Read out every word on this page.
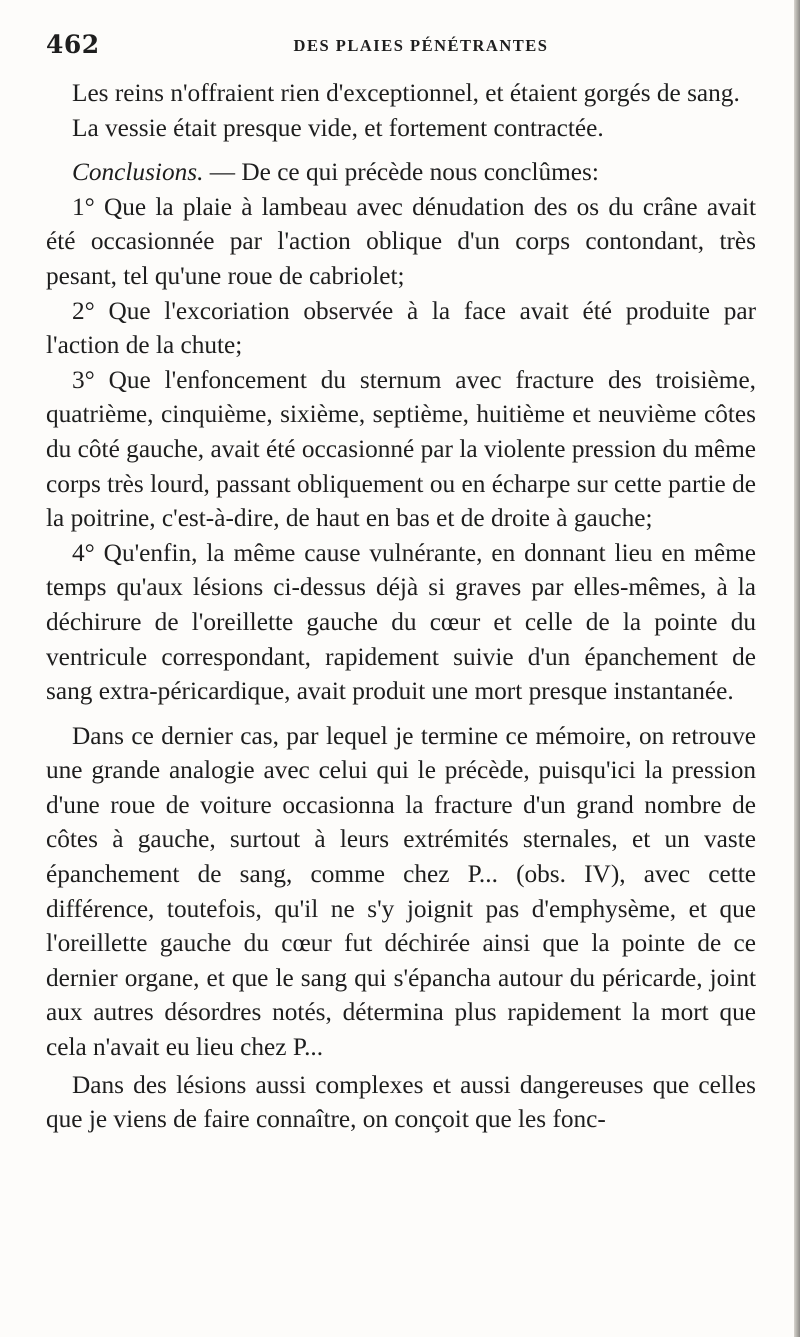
462	DES PLAIES PÉNÉTRANTES

Les reins n'offraient rien d'exceptionnel, et étaient gorgés de sang.

La vessie était presque vide, et fortement contractée.

Conclusions. — De ce qui précède nous conclûmes:

1° Que la plaie à lambeau avec dénudation des os du crâne avait été occasionnée par l'action oblique d'un corps contondant, très pesant, tel qu'une roue de cabriolet;

2° Que l'excoriation observée à la face avait été produite par l'action de la chute;

3° Que l'enfoncement du sternum avec fracture des troisième, quatrième, cinquième, sixième, septième, huitième et neuvième côtes du côté gauche, avait été occasionné par la violente pression du même corps très lourd, passant obliquement ou en écharpe sur cette partie de la poitrine, c'est-à-dire, de haut en bas et de droite à gauche;

4° Qu'enfin, la même cause vulnérante, en donnant lieu en même temps qu'aux lésions ci-dessus déjà si graves par elles-mêmes, à la déchirure de l'oreillette gauche du cœur et celle de la pointe du ventricule correspondant, rapidement suivie d'un épanchement de sang extra-péricardique, avait produit une mort presque instantanée.

Dans ce dernier cas, par lequel je termine ce mémoire, on retrouve une grande analogie avec celui qui le précède, puisqu'ici la pression d'une roue de voiture occasionna la fracture d'un grand nombre de côtes à gauche, surtout à leurs extrémités sternales, et un vaste épanchement de sang, comme chez P... (obs. IV), avec cette différence, toutefois, qu'il ne s'y joignit pas d'emphysème, et que l'oreillette gauche du cœur fut déchirée ainsi que la pointe de ce dernier organe, et que le sang qui s'épancha autour du péricarde, joint aux autres désordres notés, détermina plus rapidement la mort que cela n'avait eu lieu chez P...

Dans des lésions aussi complexes et aussi dangereuses que celles que je viens de faire connaître, on conçoit que les fonc-
